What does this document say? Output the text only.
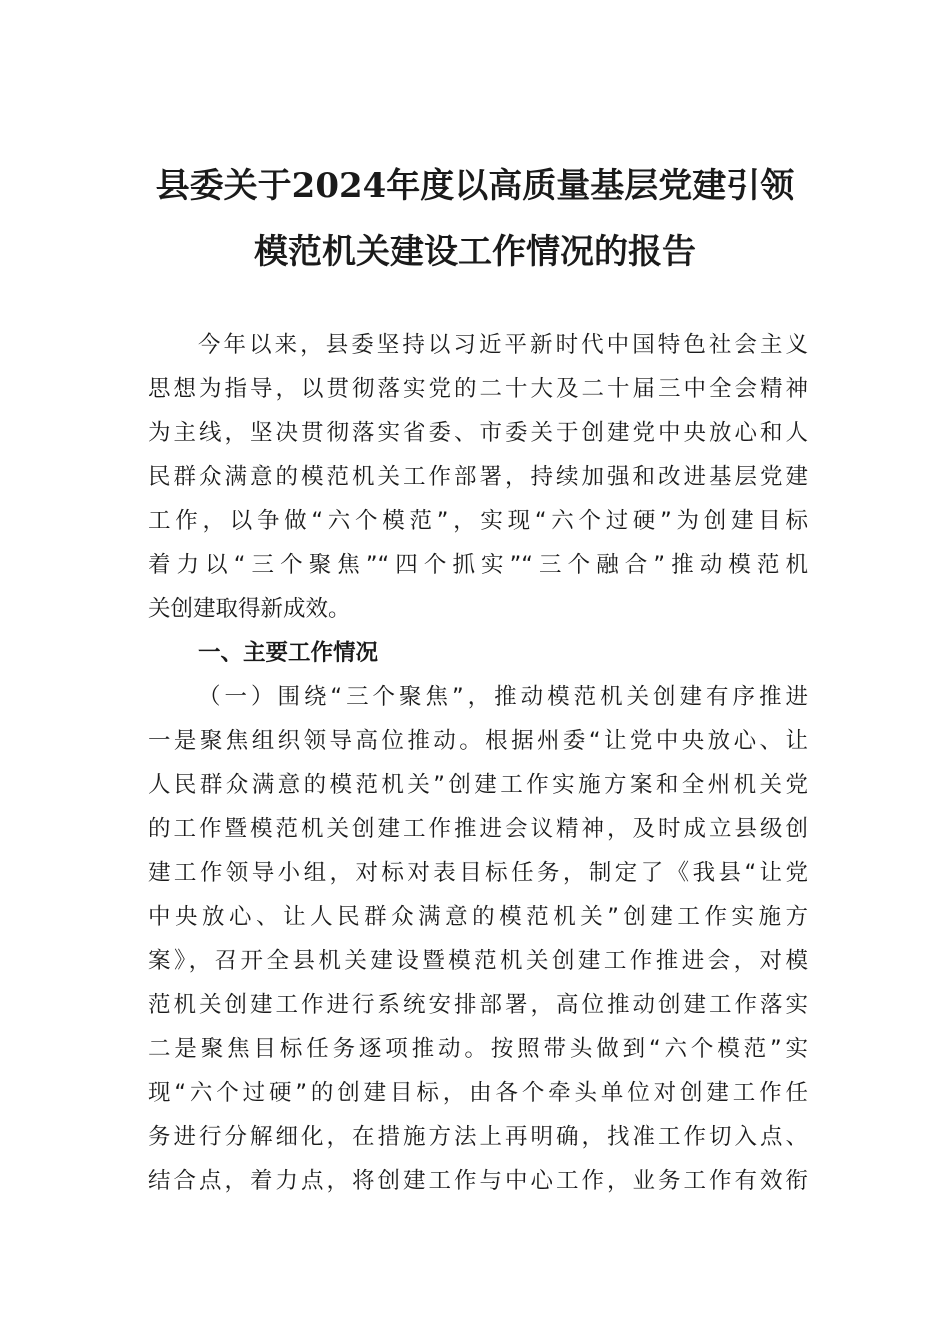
县委关于2024年度以高质量基层党建引领
模范机关建设工作情况的报告
今年以来，县委坚持以习近平新时代中国特色社会主义
思想为指导，以贯彻落实党的二十大及二十届三中全会精神
为主线，坚决贯彻落实省委、市委关于创建党中央放心和人
民群众满意的模范机关工作部署，持续加强和改进基层党建
工作，以争做“六个模范”，实现“六个过硬”为创建目标
着力以“三个聚焦”“四个抓实”“三个融合”推动模范机
关创建取得新成效。
一、主要工作情况
（一）围绕“三个聚焦”，推动模范机关创建有序推进
一是聚焦组织领导高位推动。根据州委“让党中央放心、让
人民群众满意的模范机关”创建工作实施方案和全州机关党
的工作暨模范机关创建工作推进会议精神，及时成立县级创
建工作领导小组，对标对表目标任务，制定了《我县“让党
中央放心、让人民群众满意的模范机关”创建工作实施方
案》，召开全县机关建设暨模范机关创建工作推进会，对模
范机关创建工作进行系统安排部署，高位推动创建工作落实
二是聚焦目标任务逐项推动。按照带头做到“六个模范”实
现“六个过硬”的创建目标，由各个牵头单位对创建工作任
务进行分解细化，在措施方法上再明确，找准工作切入点、
结合点，着力点，将创建工作与中心工作，业务工作有效衔
